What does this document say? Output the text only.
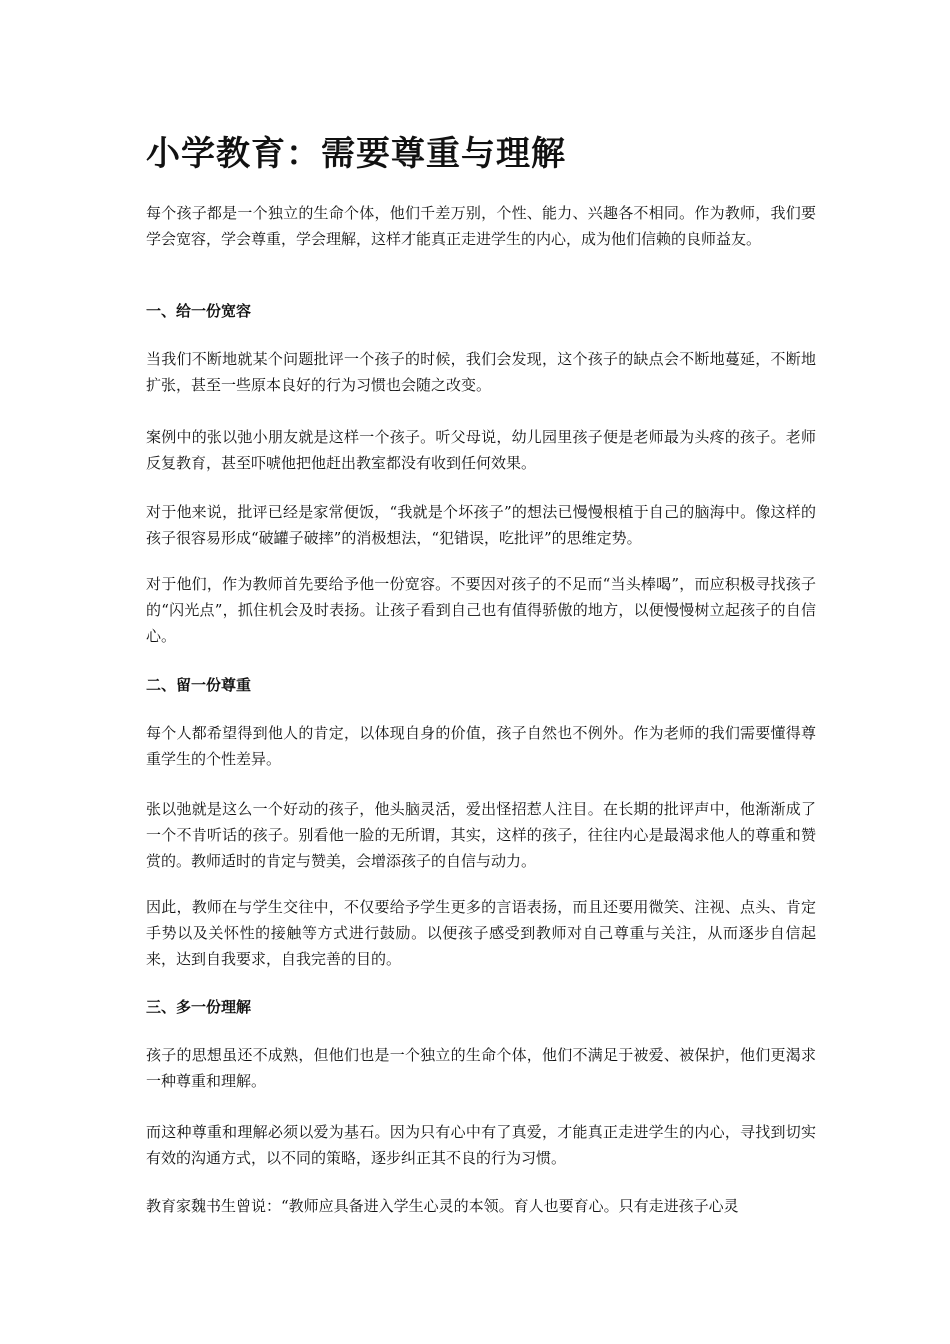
小学教育：需要尊重与理解

每个孩子都是一个独立的生命个体，他们千差万别，个性、能力、兴趣各不相同。作为教师，我们要学会宽容，学会尊重，学会理解，这样才能真正走进学生的内心，成为他们信赖的良师益友。

一、给一份宽容

当我们不断地就某个问题批评一个孩子的时候，我们会发现，这个孩子的缺点会不断地蔓延，不断地扩张，甚至一些原本良好的行为习惯也会随之改变。

案例中的张以弛小朋友就是这样一个孩子。听父母说，幼儿园里孩子便是老师最为头疼的孩子。老师反复教育，甚至吓唬他把他赶出教室都没有收到任何效果。

对于他来说，批评已经是家常便饭，“我就是个坏孩子”的想法已慢慢根植于自己的脑海中。像这样的孩子很容易形成“破罐子破摔”的消极想法，“犯错误，吃批评”的思维定势。

对于他们，作为教师首先要给予他一份宽容。不要因对孩子的不足而“当头棒喝”，而应积极寻找孩子的“闪光点”，抓住机会及时表扬。让孩子看到自己也有值得骄傲的地方，以便慢慢树立起孩子的自信心。

二、留一份尊重

每个人都希望得到他人的肯定，以体现自身的价值，孩子自然也不例外。作为老师的我们需要懂得尊重学生的个性差异。

张以弛就是这么一个好动的孩子，他头脑灵活，爱出怪招惹人注目。在长期的批评声中，他渐渐成了一个不肯听话的孩子。别看他一脸的无所谓，其实，这样的孩子，往往内心是最渴求他人的尊重和赞赏的。教师适时的肯定与赞美，会增添孩子的自信与动力。

因此，教师在与学生交往中，不仅要给予学生更多的言语表扬，而且还要用微笑、注视、点头、肯定手势以及关怀性的接触等方式进行鼓励。以便孩子感受到教师对自己尊重与关注，从而逐步自信起来，达到自我要求，自我完善的目的。

三、多一份理解

孩子的思想虽还不成熟，但他们也是一个独立的生命个体，他们不满足于被爱、被保护，他们更渴求一种尊重和理解。

而这种尊重和理解必须以爱为基石。因为只有心中有了真爱，才能真正走进学生的内心，寻找到切实有效的沟通方式，以不同的策略，逐步纠正其不良的行为习惯。

教育家魏书生曾说：“教师应具备进入学生心灵的本领。育人也要育心。只有走进孩子心灵
